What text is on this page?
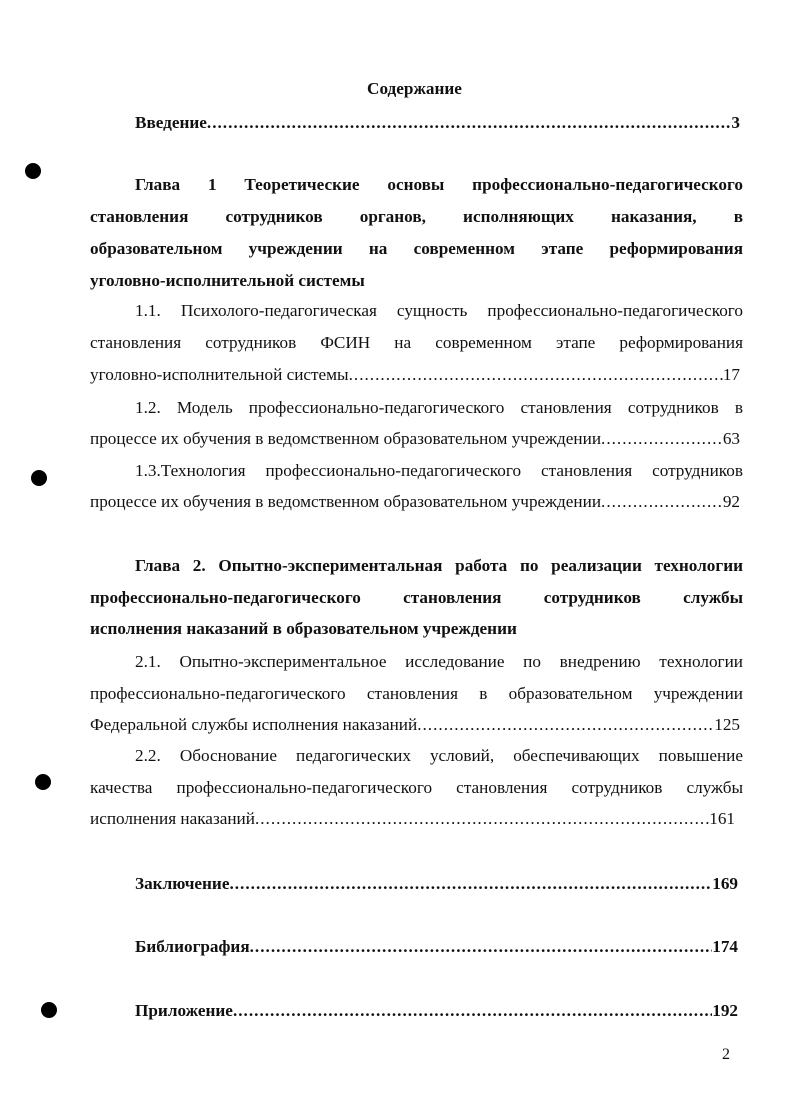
Содержание
Введение .....	3
Глава 1 Теоретические основы профессионально-педагогического
становления сотрудников органов, исполняющих наказания, в
образовательном учреждении на современном этапе реформирования
уголовно-исполнительной системы
1.1. Психолого-педагогическая сущность профессионально-педагогического
становления сотрудников ФСИН на современном этапе реформирования
уголовно-исполнительной системы .....	17
1.2. Модель профессионально-педагогического становления сотрудников в
процессе их обучения в ведомственном образовательном учреждении .....	63
1.3.Технология профессионально-педагогического становления сотрудников
процессе их обучения в ведомственном образовательном учреждении .....	92
Глава 2. Опытно-экспериментальная работа по реализации технологии
профессионально-педагогического становления сотрудников службы
исполнения наказаний в образовательном учреждении
2.1. Опытно-экспериментальное исследование по внедрению технологии
профессионально-педагогического становления в образовательном учреждении
Федеральной службы исполнения наказаний .....	125
2.2. Обоснование педагогических условий, обеспечивающих повышение
качества профессионально-педагогического становления сотрудников службы
исполнения наказаний .....	161
Заключение .....	169
Библиография .....	174
Приложение .....	192
2
